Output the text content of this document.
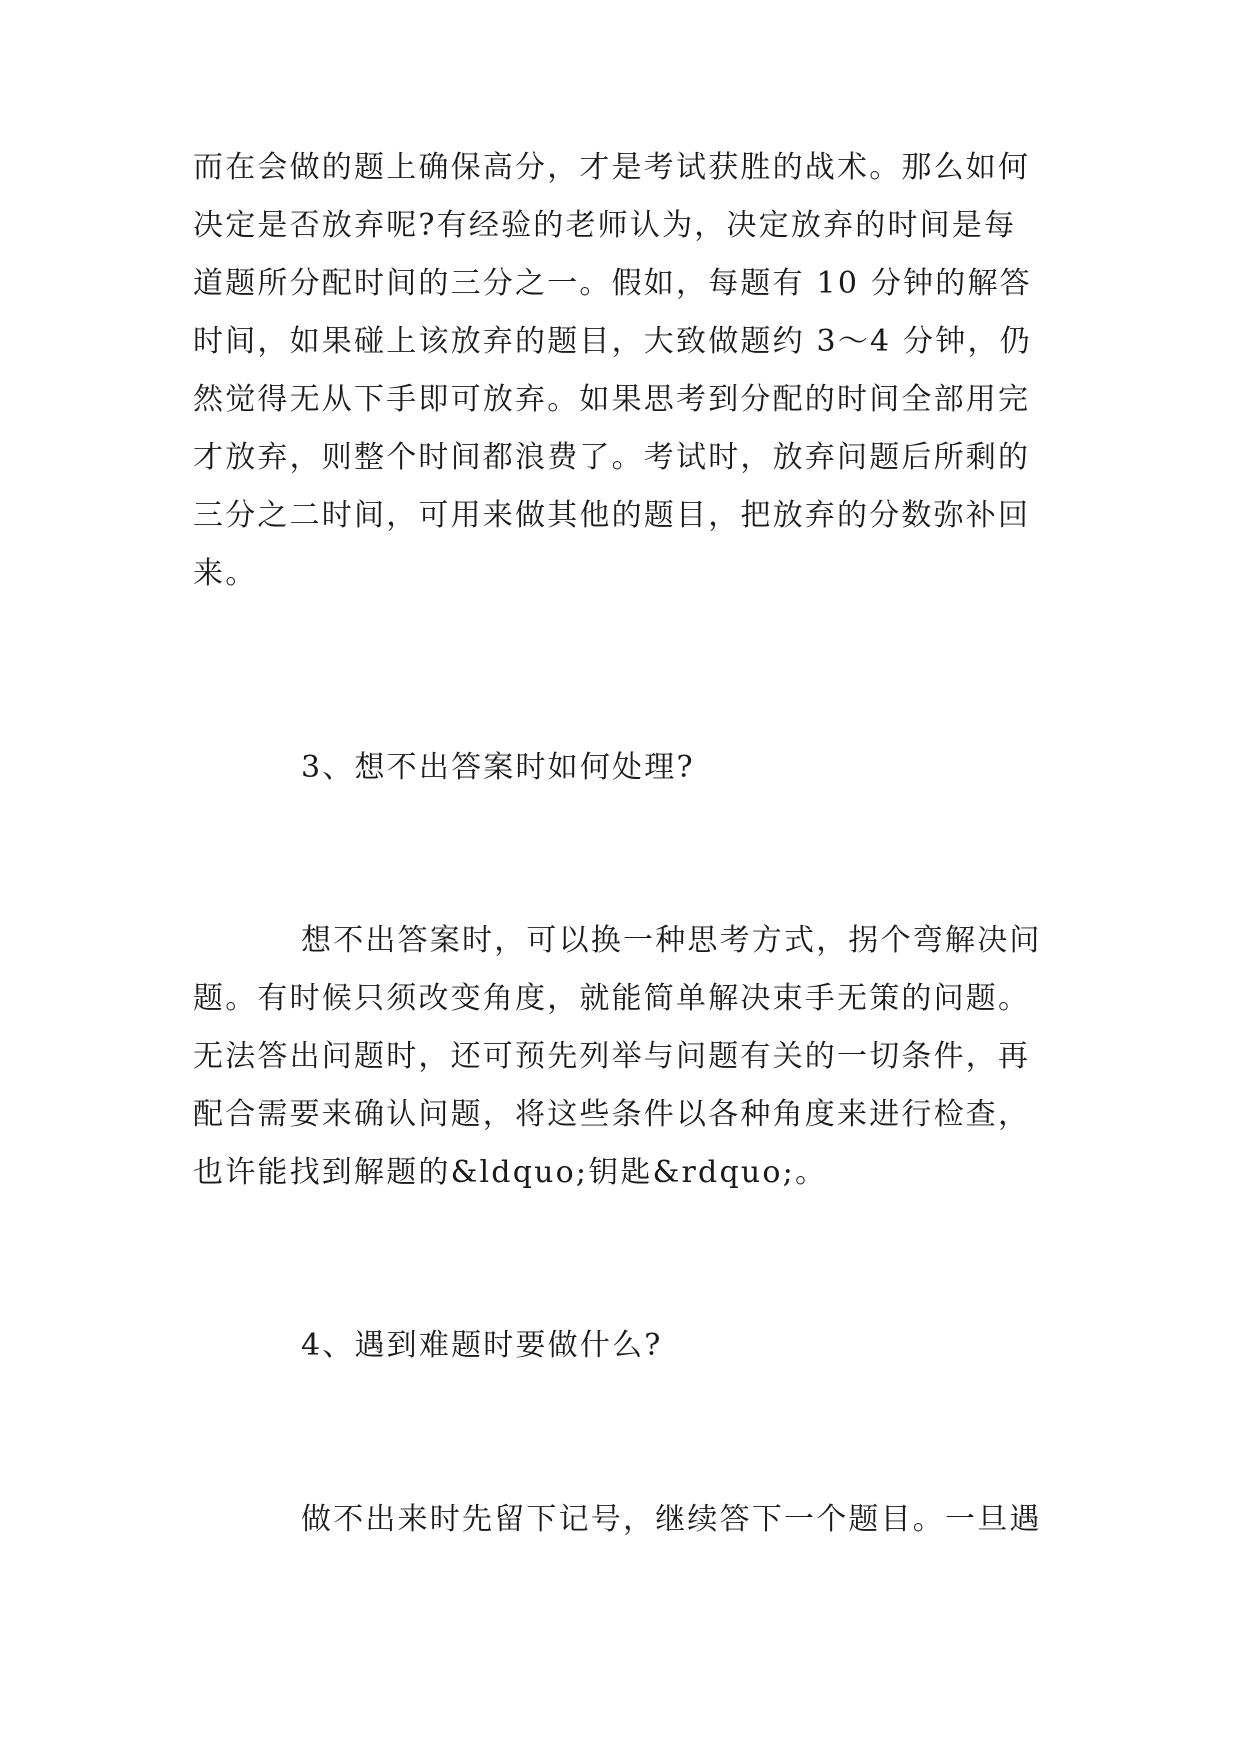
而在会做的题上确保高分，才是考试获胜的战术。那么如何
决定是否放弃呢?有经验的老师认为，决定放弃的时间是每
道题所分配时间的三分之一。假如，每题有 10 分钟的解答
时间，如果碰上该放弃的题目，大致做题约 3～4 分钟，仍
然觉得无从下手即可放弃。如果思考到分配的时间全部用完
才放弃，则整个时间都浪费了。考试时，放弃问题后所剩的
三分之二时间，可用来做其他的题目，把放弃的分数弥补回
来。
3、想不出答案时如何处理?
想不出答案时，可以换一种思考方式，拐个弯解决问
题。有时候只须改变角度，就能简单解决束手无策的问题。
无法答出问题时，还可预先列举与问题有关的一切条件，再
配合需要来确认问题，将这些条件以各种角度来进行检查，
也许能找到解题的&ldquo;钥匙&rdquo;。
4、遇到难题时要做什么?
做不出来时先留下记号，继续答下一个题目。一旦遇
